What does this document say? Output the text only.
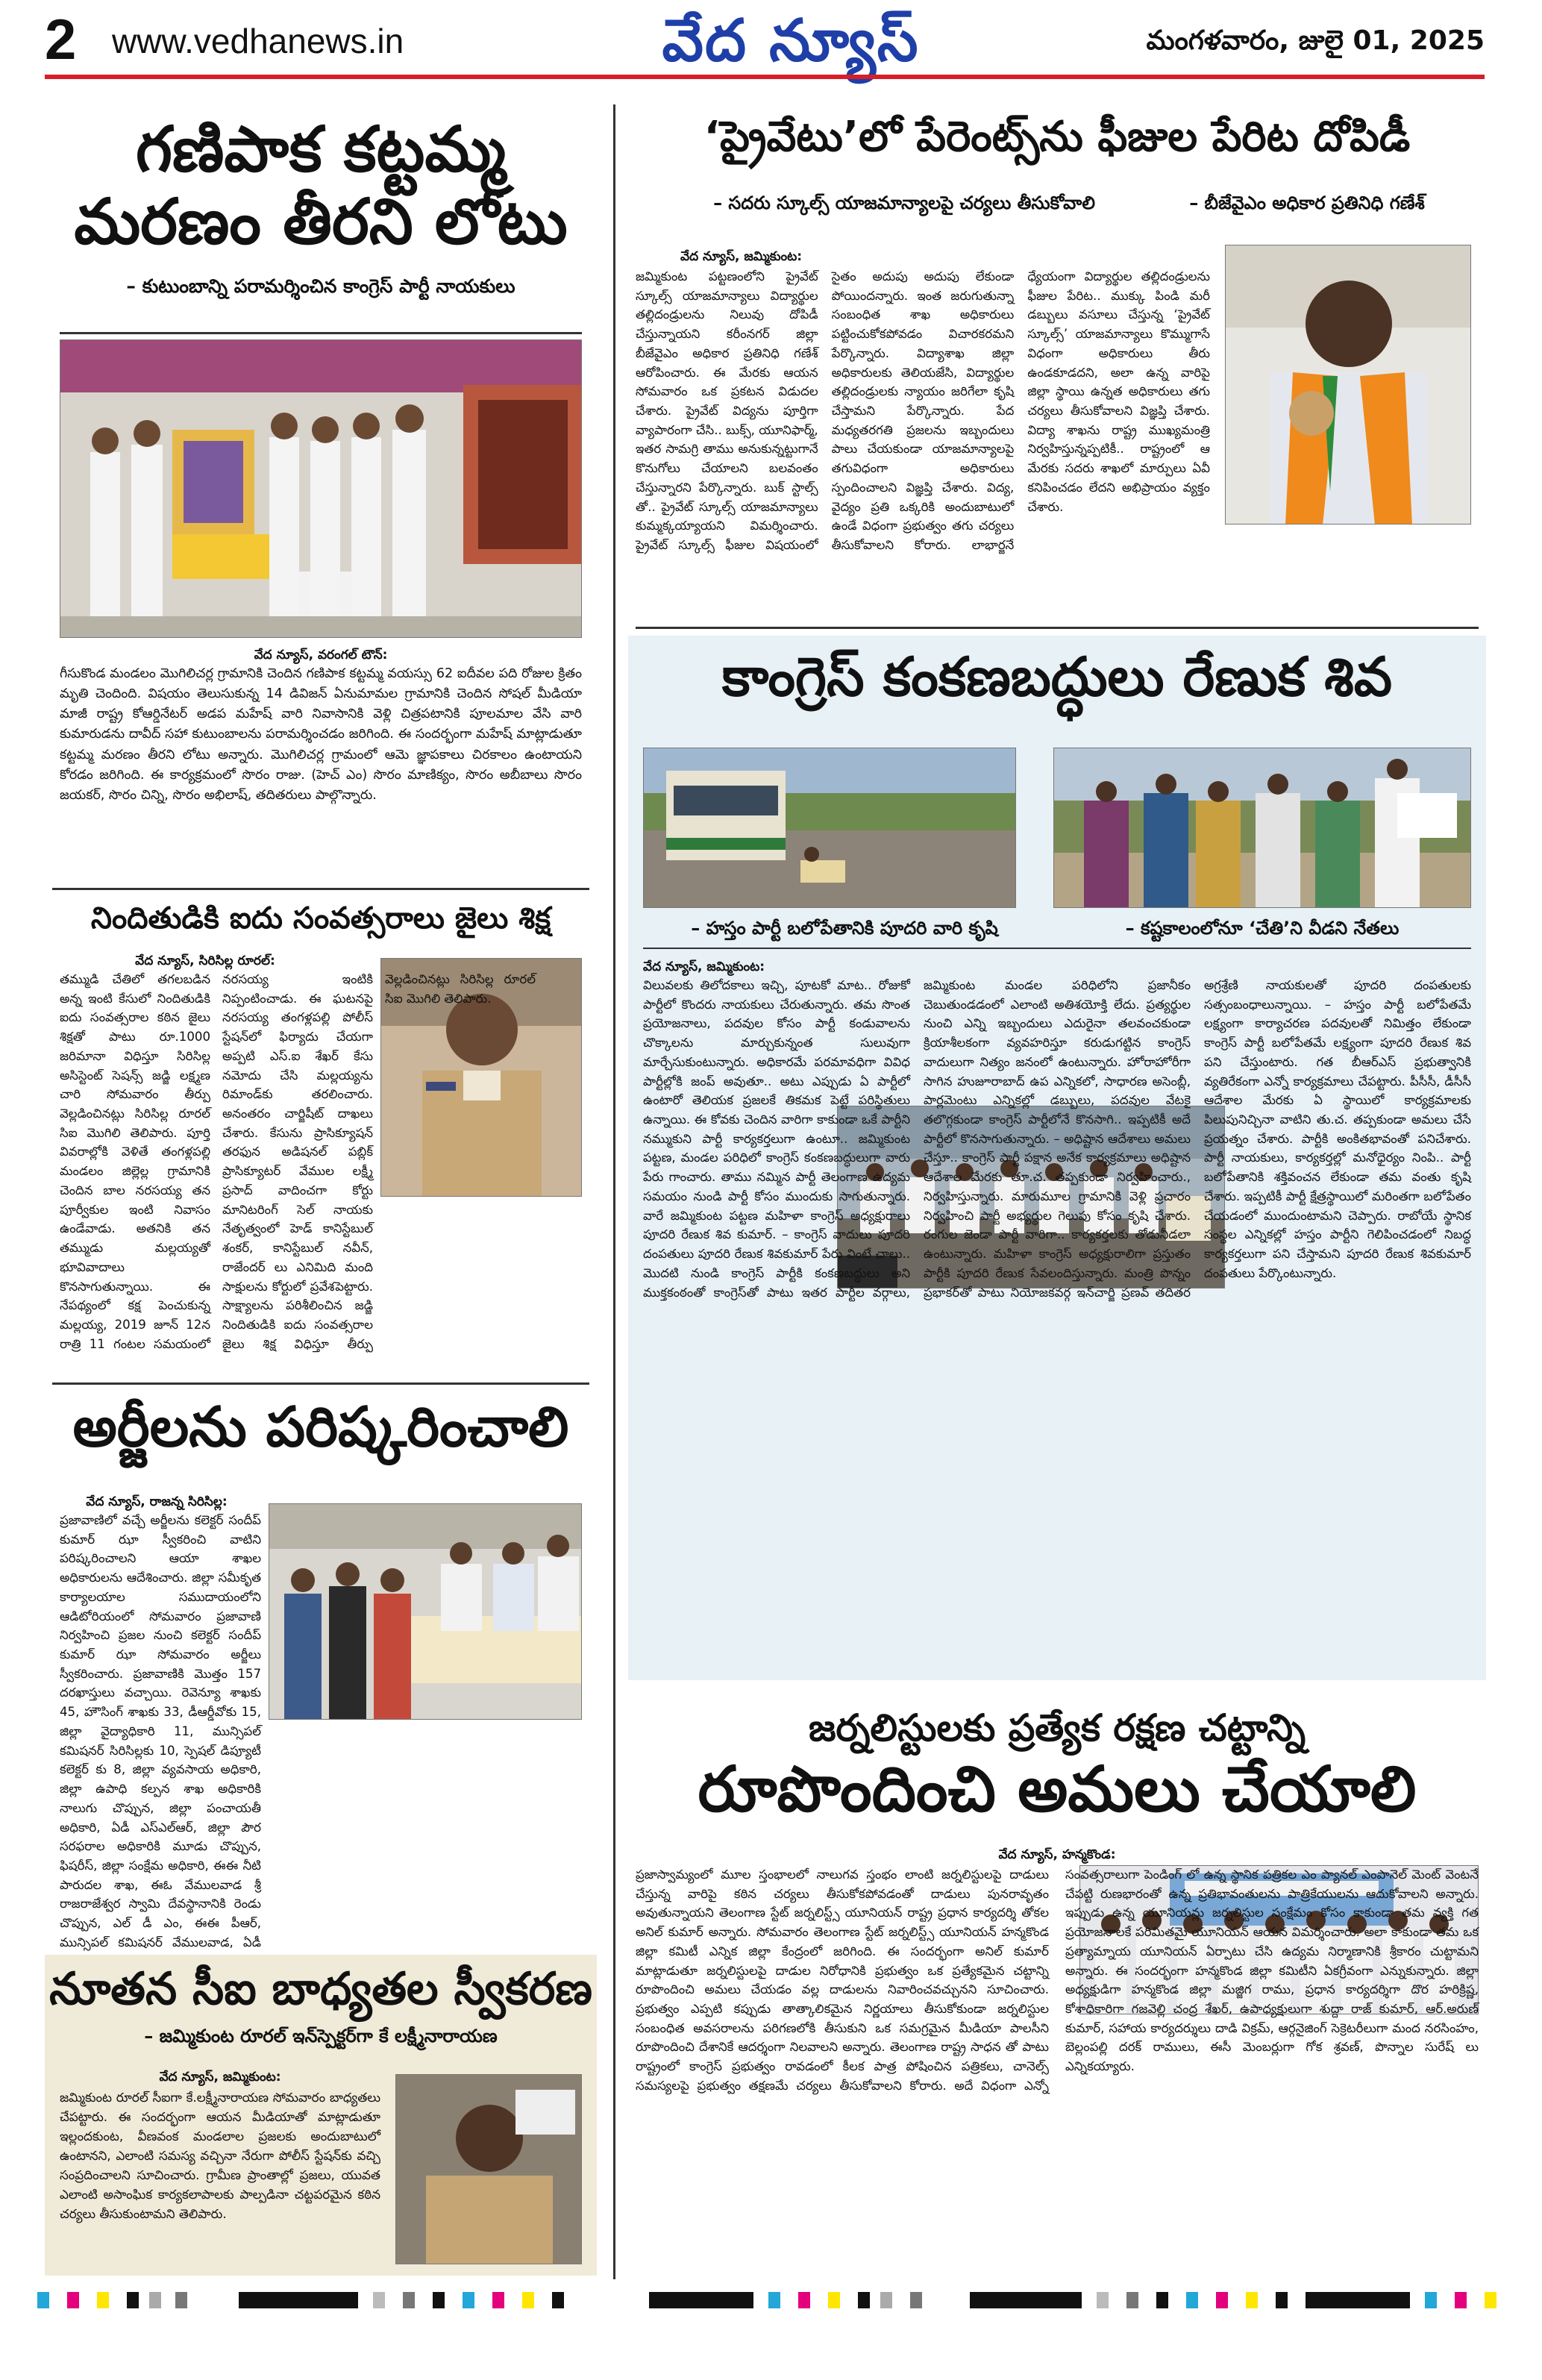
2 www.vedhanews.in	వేద న్యూస్	మంగళవారం, జులై 01, 2025
గణిపాక కట్టమ్మ
మరణం తీరని లోటు
– కుటుంబాన్ని పరామర్శించిన కాంగ్రెస్ పార్టీ నాయకులు
వేద న్యూస్, వరంగల్ టౌన్:
గీసుకొండ మండలం మొగిలిచర్ల గ్రామానికి చెందిన గణిపాక కట్టమ్మ వయస్సు 62 ఐదీవల పది రోజుల క్రితం మృతి చెందింది. విషయం తెలుసుకున్న 14 డివిజన్ ఏనుమామల గ్రామానికి చెందిన సోషల్ మీడియా మాజీ రాష్ట్ర కోఆర్డినేటర్ అడప మహేష్ వారి నివాసానికి వెళ్లి చిత్రపటానికి పూలమాల వేసి వారి కుమారుడను దావీద్ సహా కుటుంబాలను పరామర్శించడం జరిగింది. ఈ సందర్భంగా మహేష్ మాట్లాడుతూ కట్టమ్మ మరణం తీరని లోటు అన్నారు. మొగిలిచర్ల గ్రామంలో ఆమె జ్ఞాపకాలు చిరకాలం ఉంటాయని కోరడం జరిగింది. ఈ కార్యక్రమంలో సొరం రాజు. (హెచ్ ఎం) సొరం మాణిక్యం, సొరం అబీబాలు సొరం జయకర్, సొరం చిన్ని, సొరం అభిలాష్, తదితరులు పాల్గొన్నారు.
నిందితుడికి ఐదు సంవత్సరాలు జైలు శిక్ష
వేద న్యూస్, సిరిసిల్ల రూరల్:
తమ్ముడి చేతిలో తగలబడిన అన్న ఇంటి కేసులో నిందితుడికి ఐదు సంవత్సరాల కఠిన జైలు శిక్షతో పాటు రూ.1000 జరిమానా విధిస్తూ సిరిసిల్ల అసిస్టెంట్ సెషన్స్ జడ్జి లక్ష్మణ చారి సోమవారం తీర్పు వెల్లడించినట్లు సిరిసిల్ల రూరల్ సిఐ మొగిలి తెలిపారు. పూర్తి వివరాల్లోకి వెళితే తంగళ్లపల్లి మండలం జిల్లెల్ల గ్రామానికి చెందిన బాల నరసయ్య తన పూర్వీకుల ఇంటి నివాసం ఉండేవాడు. అతనికి తన తమ్ముడు మల్లయ్యతో భూవివాదాలు కొనసాగుతున్నాయి. ఈ నేపథ్యంలో కక్ష పెంచుకున్న మల్లయ్య, 2019 జూన్ 12న రాత్రి 11 గంటల సమయంలో నరసయ్య ఇంటికి నిప్పంటించాడు. ఈ ఘటనపై నరసయ్య తంగళ్లపల్లి పోలీస్ స్టేషన్‌లో ఫిర్యాదు చేయగా అప్పటి ఎస్.ఐ శేఖర్ కేసు నమోదు చేసి మల్లయ్యను రిమాండ్‌కు తరలించారు. అనంతరం చార్జిషీట్ దాఖలు చేశారు. కేసును ప్రాసిక్యూషన్ తరఫున అడిషనల్ పబ్లిక్ ప్రాసిక్యూటర్ వేముల లక్ష్మీ ప్రసాద్ వాదించగా కోర్టు మానిటరింగ్ సెల్ నాయకు నేతృత్వంలో హెడ్ కానిస్టేబుల్ శంకర్, కానిస్టేబుల్ నవీన్, రాజేందర్ లు ఎనిమిది మంది సాక్షులను కోర్టులో ప్రవేశపెట్టారు. సాక్ష్యాలను పరిశీలించిన జడ్జి నిందితుడికి ఐదు సంవత్సరాల జైలు శిక్ష విధిస్తూ తీర్పు
అర్జీలను పరిష్కరించాలి
వేద న్యూస్, రాజన్న సిరిసిల్ల:
ప్రజావాణిలో వచ్చే అర్జీలను కలెక్టర్ సందీప్ కుమార్ ఝా స్వీకరించి వాటిని పరిష్కరించాలని ఆయా శాఖల అధికారులను ఆదేశించారు. జిల్లా సమీకృత కార్యాలయాల సముదాయంలోని ఆడిటోరియంలో సోమవారం ప్రజావాణి నిర్వహించి ప్రజల నుంచి కలెక్టర్ సందీప్ కుమార్ ఝా సోమవారం అర్జీలు స్వీకరించారు. ప్రజావాణికి మొత్తం 157 దరఖాస్తులు వచ్చాయి. రెవెన్యూ శాఖకు 45, హౌసింగ్ శాఖకు 33, డీఆర్డీవోకు 15, జిల్లా వైద్యాధికారి 11, మున్సిపల్ కమిషనర్ సిరిసిల్లకు 10, స్పెషల్ డిప్యూటీ కలెక్టర్ కు 8, జిల్లా వ్యవసాయ అధికారి, జిల్లా ఉపాధి కల్పన శాఖ అధికారికి నాలుగు చొప్పున, జిల్లా పంచాయతీ అధికారి, ఏడీ ఎస్ఎల్ఆర్, జిల్లా పౌర సరఫరాల అధికారికి మూడు చొప్పున, ఫిషరీస్, జిల్లా సంక్షేమ అధికారి, ఈఈ నీటి పారుదల శాఖ, ఈఓ వేములవాడ శ్రీ రాజరాజేశ్వర స్వామి దేవస్థానానికి రెండు చొప్పున, ఎల్ డీ ఎం, ఈఈ పీఆర్, మున్సిపల్ కమిషనర్ వేములవాడ, ఏడీ
నూతన సీఐ బాధ్యతల స్వీకరణ
– జమ్మికుంట రూరల్ ఇన్‌స్పెక్టర్‌గా కే లక్ష్మీనారాయణ
వేద న్యూస్, జమ్మికుంట:
జమ్మికుంట రూరల్ సీఐగా కే.లక్ష్మీనారాయణ సోమవారం బాధ్యతలు చేపట్టారు. ఈ సందర్భంగా ఆయన మీడియాతో మాట్లాడుతూ ఇల్లందకుంట, వీణవంక మండలాల ప్రజలకు అందుబాటులో ఉంటానని, ఎలాంటి సమస్య వచ్చినా నేరుగా పోలీస్ స్టేషన్‌కు వచ్చి సంప్రదించాలని సూచించారు. గ్రామీణ ప్రాంతాల్లో ప్రజలు, యువత ఎలాంటి అసాంఘిక కార్యకలాపాలకు పాల్పడినా చట్టపరమైన కఠిన చర్యలు తీసుకుంటామని తెలిపారు.
‘ప్రైవేటు’లో పేరెంట్స్‌ను ఫీజుల పేరిట దోపిడీ
– సదరు స్కూల్స్ యాజమాన్యాలపై చర్యలు తీసుకోవాలి	– బీజేవైఎం అధికార ప్రతినిధి గణేశ్
వేద న్యూస్, జమ్మికుంట:
జమ్మికుంట పట్టణంలోని ప్రైవేట్ స్కూల్స్ యాజమాన్యాలు విద్యార్థుల తల్లిదండ్రులను నిలువు దోపిడీ చేస్తున్నాయని కరీంనగర్ జిల్లా బీజేవైఎం అధికార ప్రతినిధి గణేశ్ ఆరోపించారు. ఈ మేరకు ఆయన సోమవారం ఒక ప్రకటన విడుదల చేశారు. ప్రైవేట్ విద్యను పూర్తిగా వ్యాపారంగా చేసి.. బుక్స్, యూనిఫార్మ్, ఇతర సామగ్రి తాము అనుకున్నట్టుగానే కొనుగోలు చేయాలని బలవంతం చేస్తున్నారని పేర్కొన్నారు. బుక్ స్టాల్స్ తో.. ప్రైవేట్ స్కూల్స్ యాజమాన్యాలు కుమ్మక్కయ్యాయని విమర్శించారు. ప్రైవేట్ స్కూల్స్ ఫీజుల విషయంలో సైతం అదుపు అదుపు లేకుండా పోయిందన్నారు. ఇంత జరుగుతున్నా సంబంధిత శాఖ అధికారులు పట్టించుకోకపోవడం విచారకరమని పేర్కొన్నారు. విద్యాశాఖ జిల్లా అధికారులకు తెలియజేసి, విద్యార్థుల తల్లిదండ్రులకు న్యాయం జరిగేలా కృషి చేస్తామని పేర్కొన్నారు. పేద మధ్యతరగతి ప్రజలను ఇబ్బందులు పాలు చేయకుండా యాజమాన్యాలపై తగువిధంగా అధికారులు స్పందించాలని విజ్ఞప్తి చేశారు. విద్య, వైద్యం ప్రతి ఒక్కరికి అందుబాటులో ఉండే విధంగా ప్రభుత్వం తగు చర్యలు తీసుకోవాలని కోరారు. లాభార్జనే ధ్యేయంగా విద్యార్థుల తల్లిదండ్రులను ఫీజుల పేరిట.. ముక్కు పిండి మరీ డబ్బులు వసూలు చేస్తున్న ‘ప్రైవేట్ స్కూల్స్’ యాజమాన్యాలు కొమ్ముగాసే విధంగా అధికారులు తీరు ఉండకూడదని, అలా ఉన్న వారిపై జిల్లా స్థాయి ఉన్నత అధికారులు తగు చర్యలు తీసుకోవాలని విజ్ఞప్తి చేశారు. విద్యా శాఖను రాష్ట్ర ముఖ్యమంత్రి నిర్వహిస్తున్నప్పటికీ.. రాష్ట్రంలో ఆ మేరకు సదరు శాఖలో మార్పులు ఏవీ కనిపించడం లేదని అభిప్రాయం వ్యక్తం చేశారు.
కాంగ్రెస్ కంకణబద్ధులు రేణుక శివ
– హస్తం పార్టీ బలోపేతానికి పూదరి వారి కృషి	– కష్టకాలంలోనూ ‘చేతి’ని వీడని నేతలు
వేద న్యూస్, జమ్మికుంట:
విలువలకు తిలోదకాలు ఇచ్చి, పూటకో మాట.. రోజుకో పార్టీలో కొందరు నాయకులు చేరుతున్నారు. తమ సొంత ప్రయోజనాలు, పదవుల కోసం పార్టీ కండువాలను చొక్కాలను మార్చుకున్నంత సులువుగా మార్చేసుకుంటున్నారు. అధికారమే పరమావధిగా వివిధ పార్టీల్లోకి జంప్ అవుతూ.. అటు ఎప్పుడు ఏ పార్టీలో ఉంటారో తెలియక ప్రజలకే తికమక పెట్టే పరిస్థితులు ఉన్నాయి. ఈ కోవకు చెందిన వారిగా కాకుండా ఒకే పార్టీని నమ్ముకుని పార్టీ కార్యకర్తలుగా ఉంటూ.. జమ్మికుంట పట్టణ, మండల పరిధిలో కాంగ్రెస్ కంకణబద్ధులుగా వారు పేరు గాంచారు. తాము నమ్మిన పార్టీ తెలంగాణ ఉద్యమ సమయం నుండి పార్టీ కోసం ముందుకు సాగుతున్నారు. వారే జమ్మికుంట పట్టణ మహిళా కాంగ్రెస్ అధ్యక్షురాలు పూదరి రేణుక శివ కుమార్. – కాంగ్రెస్ వాదులు పూదరి దంపతులు పూదరి రేణుక శివకుమార్ పేరు వింటే చాలు.. మొదటి నుండి కాంగ్రెస్ పార్టీకి కంకణబద్ధులు అని ముక్తకంఠంతో కాంగ్రెస్‌తో పాటు ఇతర పార్టీల వర్గాలు, జమ్మికుంట మండల పరిధిలోని ప్రజానీకం చెబుతుండడంలో ఎలాంటి అతిశయోక్తి లేదు. ప్రత్యర్థుల నుంచి ఎన్ని ఇబ్బందులు ఎదురైనా తలవంచకుండా క్రియాశీలకంగా వ్యవహరిస్తూ కరుడుగట్టిన కాంగ్రెస్ వాదులుగా నిత్యం జనంలో ఉంటున్నారు. హోరాహోరీగా సాగిన హుజూరాబాద్ ఉప ఎన్నికలో, సాధారణ అసెంబ్లీ, పార్లమెంటు ఎన్నికల్లో డబ్బులు, పదవుల వేటకై తలొగ్గకుండా కాంగ్రెస్ పార్టీలోనే కొనసాగి.. ఇప్పటికీ అదే పార్టీలో కొనసాగుతున్నారు. – అధిష్టాన ఆదేశాలు అమలు చేస్తూ.. కాంగ్రెస్ పార్టీ పక్షాన అనేక కార్యక్రమాలు అధిష్టాన ఆదేశాల మేరకు తూ.చ. తప్పకుండా నిర్వహించారు., నిర్వహిస్తున్నారు. మారుమూల గ్రామానికి వెళ్లి ప్రచారం నిర్వహించి పార్టీ అభ్యర్థుల గెలుపు కోసం కృషి చేశారు. రంగుల జెండా పార్టీ వారిగా.. కార్యకర్తలకు తోడునీడలా ఉంటున్నారు. మహిళా కాంగ్రెస్ అధ్యక్షురాలిగా ప్రస్తుతం పార్టీకి పూదరి రేణుక సేవలందిస్తున్నారు. మంత్రి పొన్నం ప్రభాకర్‌తో పాటు నియోజకవర్గ ఇన్‌చార్జి ప్రణవ్ తదితర అగ్రశ్రేణి నాయకులతో పూదరి దంపతులకు సత్సంబంధాలున్నాయి. – హస్తం పార్టీ బలోపేతమే లక్ష్యంగా కార్యాచరణ పదవులతో నిమిత్తం లేకుండా కాంగ్రెస్ పార్టీ బలోపేతమే లక్ష్యంగా పూదరి రేణుక శివ పని చేస్తుంటారు. గత బీఆర్ఎస్ ప్రభుత్వానికి వ్యతిరేకంగా ఎన్నో కార్యక్రమాలు చేపట్టారు. పీసీసీ, డీసీసీ ఆదేశాల మేరకు ఏ స్థాయిలో కార్యక్రమాలకు పిలుపునిచ్చినా వాటిని తు.చ. తప్పకుండా అమలు చేసే ప్రయత్నం చేశారు. పార్టీకి అంకితభావంతో పనిచేశారు. పార్టీ నాయకులు, కార్యకర్తల్లో మనోధైర్యం నింపి.. పార్టీ బలోపేతానికి శక్తివంచన లేకుండా తమ వంతు కృషి చేశారు. ఇప్పటికీ పార్టీ క్షేత్రస్థాయిలో మరింతగా బలోపేతం చేయడంలో ముందుంటామని చెప్పారు. రాబోయే స్థానిక సంస్థల ఎన్నికల్లో హస్తం పార్టీని గెలిపించడంలో నిబద్ధ కార్యకర్తలుగా పని చేస్తామని పూదరి రేణుక శివకుమార్ దంపతులు పేర్కొంటున్నారు.
జర్నలిస్టులకు ప్రత్యేక రక్షణ చట్టాన్ని
రూపొందించి అమలు చేయాలి
వేద న్యూస్, హన్మకొండ:
ప్రజాస్వామ్యంలో మూల స్తంభాలలో నాలుగవ స్తంభం లాంటి జర్నలిస్టులపై దాడులు చేస్తున్న వారిపై కఠిన చర్యలు తీసుకోకపోవడంతో దాడులు పునరావృతం అవుతున్నాయని తెలంగాణ స్టేట్ జర్నలిస్ట్స్ యూనియన్ రాష్ట్ర ప్రధాన కార్యదర్శి తోకల అనిల్ కుమార్ అన్నారు. సోమవారం తెలంగాణ స్టేట్ జర్నలిస్ట్స్ యూనియన్ హన్మకొండ జిల్లా కమిటీ ఎన్నిక జిల్లా కేంద్రంలో జరిగింది. ఈ సందర్భంగా అనిల్ కుమార్ మాట్లాడుతూ జర్నలిస్టులపై దాడుల నిరోధానికి ప్రభుత్వం ఒక ప్రత్యేకమైన చట్టాన్ని రూపొందించి అమలు చేయడం వల్ల దాడులను నివారించవచ్చునని సూచించారు. ప్రభుత్వం ఎప్పటి కప్పుడు తాత్కాలికమైన నిర్ణయాలు తీసుకోకుండా జర్నలిస్టుల సంబంధిత అవసరాలను పరిగణలోకి తీసుకుని ఒక సమగ్రమైన మీడియా పాలసీని రూపొందించి దేశానికే ఆదర్శంగా నిలవాలని అన్నారు. తెలంగాణ రాష్ట్ర సాధన తో పాటు రాష్ట్రంలో కాంగ్రెస్ ప్రభుత్వం రావడంలో కీలక పాత్ర పోషించిన పత్రికలు, చానెల్స్ సమస్యలపై ప్రభుత్వం తక్షణమే చర్యలు తీసుకోవాలని కోరారు. అదే విధంగా ఎన్నో సంవత్సరాలుగా పెండింగ్ లో ఉన్న స్థానిక పత్రికల ఎం ప్యానల్ ఎంపానెల్ మెంట్ వెంటనే చేపట్టి రుణభారంతో ఉన్న ప్రతిభావంతులను పాత్రికేయులను ఆదుకోవాలని అన్నారు. ఇప్పుడు ఉన్న యూనియన్లు జర్నలిస్టుల సంక్షేమం కోసం కాకుండా తమ వ్యక్తి గత ప్రయోజనాలకే పరిమితమై యూనియన్ ఆయన విమర్శించారు. అలా కాకుండా తమ ఒక ప్రత్యామ్నాయ యూనియన్ ఏర్పాటు చేసి ఉద్యమ నిర్మాణానికి శ్రీకారం చుట్టామని అన్నారు. ఈ సందర్భంగా హన్మకొండ జిల్లా కమిటీని ఏకగ్రీవంగా ఎన్నుకున్నారు. జిల్లా అధ్యక్షుడిగా హన్మకొండ జిల్లా మజ్జిగ రాము, ప్రధాన కార్యదర్శిగా దొర హరిక్రిష్ణ, కోశాధికారిగా గజవెల్లి చంద్ర శేఖర్, ఉపాధ్యక్షులుగా శుద్దా రాజ్ కుమార్, ఆర్.అరుణ్ కుమార్, సహాయ కార్యదర్శులు దాడి విక్రమ్, ఆర్గనైజింగ్ సెక్రెటరీలుగా మంద నరసింహం, బెల్లంపల్లి దరక్ రాములు, ఈసీ మెంబర్లుగా గోక శ్రవణ్, పొన్నాల సురేష్ లు ఎన్నికయ్యారు.
